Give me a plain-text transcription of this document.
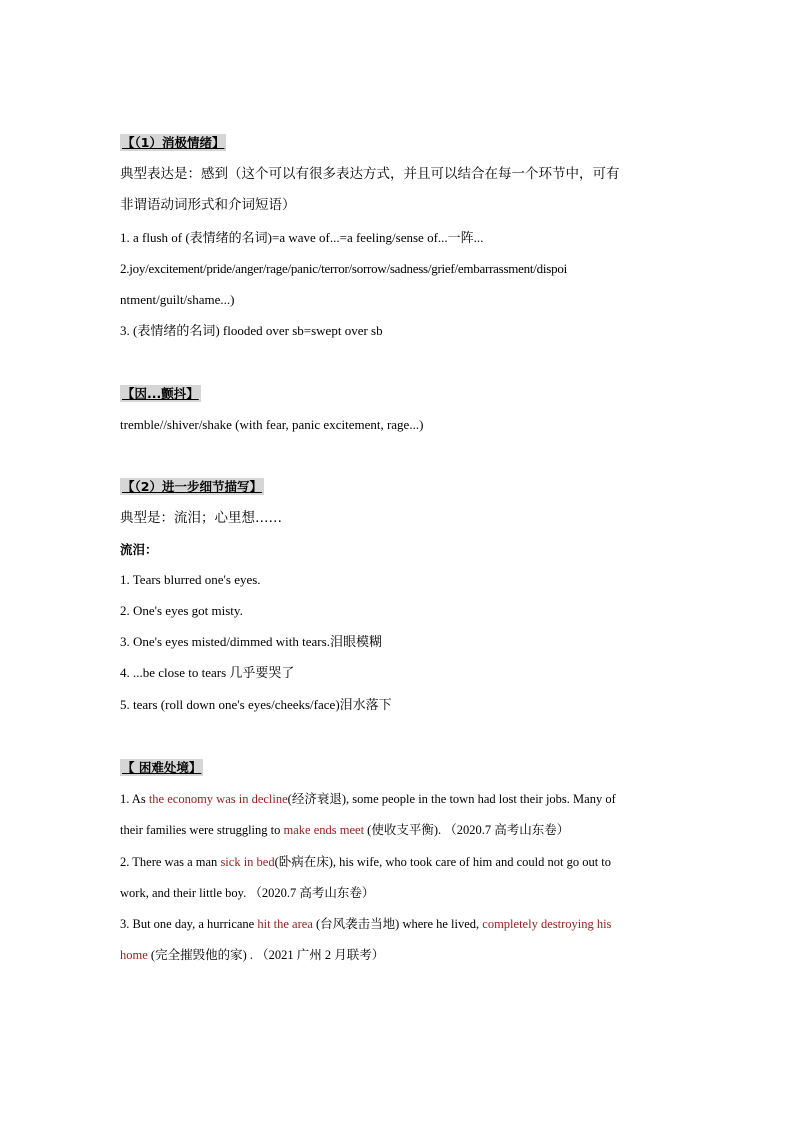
【（1）消极情绪】
典型表达是：感到（这个可以有很多表达方式，并且可以结合在每一个环节中，可有
非谓语动词形式和介词短语）
1. a flush of (表情绪的名词)=a wave of...=a feeling/sense of...一阵...
2.joy/excitement/pride/anger/rage/panic/terror/sorrow/sadness/grief/embarrassment/dispoi
ntment/guilt/shame...)
3. (表情绪的名词) flooded over sb=swept over sb
【因...颤抖】
tremble//shiver/shake (with fear, panic excitement, rage...)
【（2）进一步细节描写】
典型是：流泪；心里想……
流泪：
1. Tears blurred one's eyes.
2. One's eyes got misty.
3. One's eyes misted/dimmed with tears.泪眼模糊
4. ...be close to tears 几乎要哭了
5. tears (roll down one's eyes/cheeks/face)泪水落下
【 困难处境】
1. As the economy was in decline(经济衰退), some people in the town had lost their jobs. Many of
their families were struggling to make ends meet (使收支平衡). （2020.7 高考山东卷）
2. There was a man sick in bed(卧病在床), his wife, who took care of him and could not go out to
work, and their little boy. （2020.7 高考山东卷）
3. But one day, a hurricane hit the area (台风袭击当地) where he lived, completely destroying his
home (完全摧毁他的家) . （2021 广州 2 月联考）
